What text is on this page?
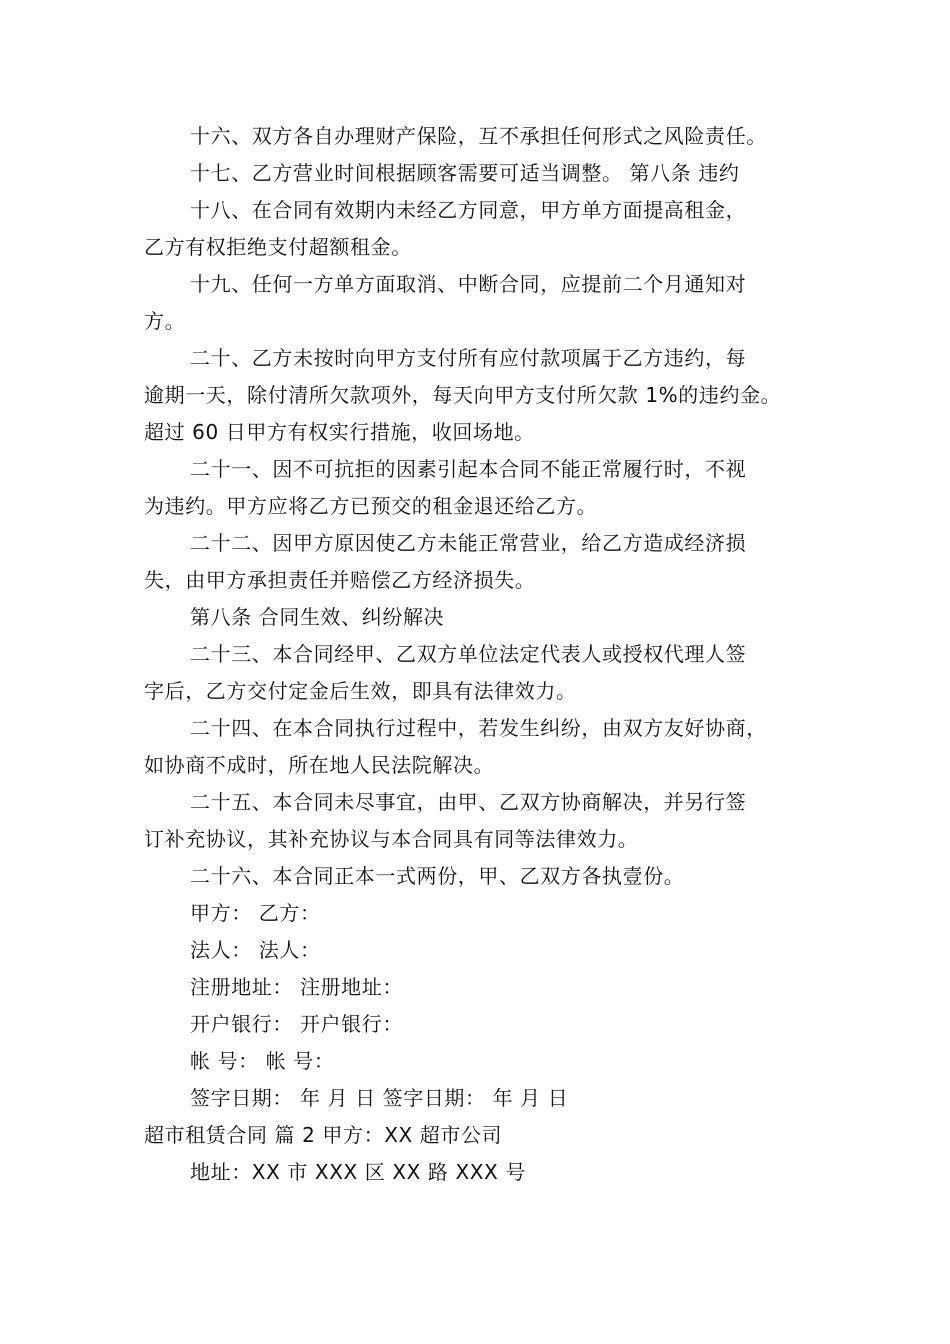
十六、双方各自办理财产保险，互不承担任何形式之风险责任。
十七、乙方营业时间根据顾客需要可适当调整。 第八条 违约
十八、在合同有效期内未经乙方同意，甲方单方面提高租金，
乙方有权拒绝支付超额租金。
十九、任何一方单方面取消、中断合同，应提前二个月通知对
方。
二十、乙方未按时向甲方支付所有应付款项属于乙方违约，每
逾期一天，除付清所欠款项外，每天向甲方支付所欠款 1%的违约金。
超过 60 日甲方有权实行措施，收回场地。
二十一、因不可抗拒的因素引起本合同不能正常履行时，不视
为违约。甲方应将乙方已预交的租金退还给乙方。
二十二、因甲方原因使乙方未能正常营业，给乙方造成经济损
失，由甲方承担责任并赔偿乙方经济损失。
第八条 合同生效、纠纷解决
二十三、本合同经甲、乙双方单位法定代表人或授权代理人签
字后，乙方交付定金后生效，即具有法律效力。
二十四、在本合同执行过程中，若发生纠纷，由双方友好协商，
如协商不成时，所在地人民法院解决。
二十五、本合同未尽事宜，由甲、乙双方协商解决，并另行签
订补充协议，其补充协议与本合同具有同等法律效力。
二十六、本合同正本一式两份，甲、乙双方各执壹份。
甲方： 乙方：
法人： 法人：
注册地址： 注册地址：
开户银行： 开户银行：
帐 号： 帐 号：
签字日期： 年 月 日 签字日期： 年 月 日
超市租赁合同 篇 2 甲方：XX 超市公司
地址：XX 市 XXX 区 XX 路 XXX 号
